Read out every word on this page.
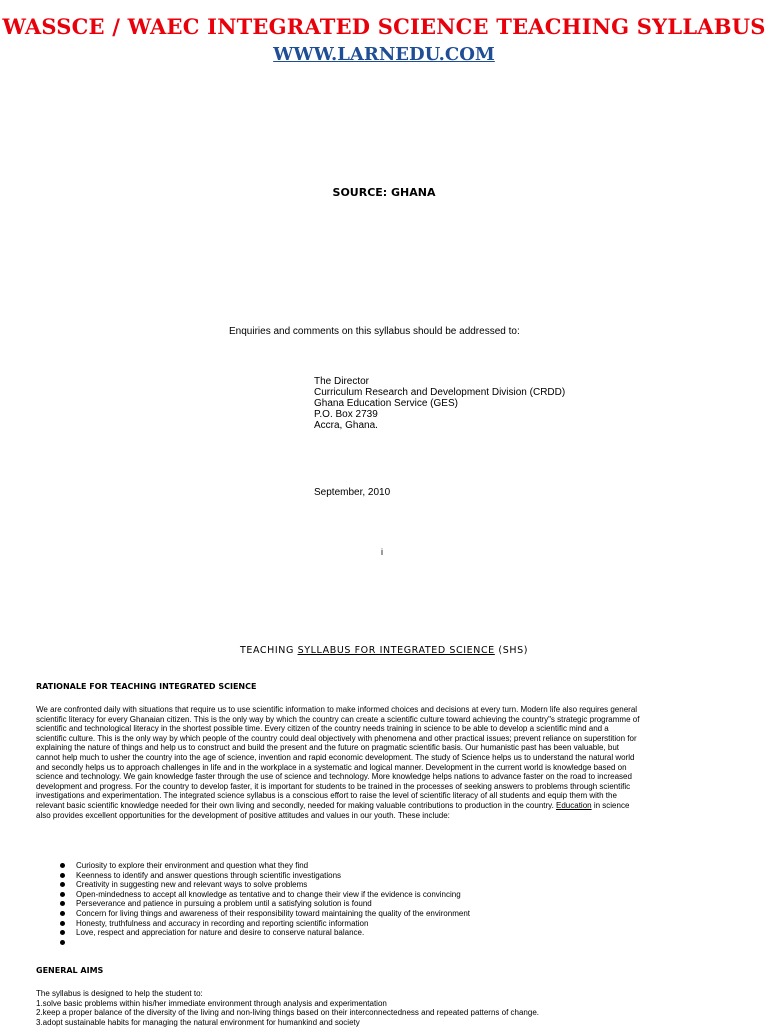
WASSCE / WAEC INTEGRATED SCIENCE TEACHING SYLLABUS
WWW.LARNEDU.COM
SOURCE: GHANA
Enquiries and comments on this syllabus should be addressed to:
The Director
Curriculum Research and Development Division (CRDD)
Ghana Education Service (GES)
P.O. Box 2739
Accra, Ghana.
September, 2010
i
TEACHING SYLLABUS FOR INTEGRATED SCIENCE (SHS)
RATIONALE FOR TEACHING INTEGRATED SCIENCE

We are confronted daily with situations that require us to use scientific information to make informed choices and decisions at every turn. Modern life also requires general scientific literacy for every Ghanaian citizen. This is the only way by which the country can create a scientific culture toward achieving the country"s strategic programme of scientific and technological literacy in the shortest possible time. Every citizen of the country needs training in science to be able to develop a scientific mind and a scientific culture. This is the only way by which people of the country could deal objectively with phenomena and other practical issues; prevent reliance on superstition for explaining the nature of things and help us to construct and build the present and the future on pragmatic scientific basis. Our humanistic past has been valuable, but cannot help much to usher the country into the age of science, invention and rapid economic development. The study of Science helps us to understand the natural world and secondly helps us to approach challenges in life and in the workplace in a systematic and logical manner. Development in the current world is knowledge based on science and technology. We gain knowledge faster through the use of science and technology. More knowledge helps nations to advance faster on the road to increased development and progress. For the country to develop faster, it is important for students to be trained in the processes of seeking answers to problems through scientific investigations and experimentation. The integrated science syllabus is a conscious effort to raise the level of scientific literacy of all students and equip them with the relevant basic scientific knowledge needed for their own living and secondly, needed for making valuable contributions to production in the country. Education in science also provides excellent opportunities for the development of positive attitudes and values in our youth. These include:

Curiosity to explore their environment and question what they find
Keenness to identify and answer questions through scientific investigations
Creativity in suggesting new and relevant ways to solve problems
Open-mindedness to accept all knowledge as tentative and to change their view if the evidence is convincing
Perseverance and patience in pursuing a problem until a satisfying solution is found
Concern for living things and awareness of their responsibility toward maintaining the quality of the environment
Honesty, truthfulness and accuracy in recording and reporting scientific information
Love, respect and appreciation for nature and desire to conserve natural balance.
GENERAL AIMS
The syllabus is designed to help the student to:
1.solve basic problems within his/her immediate environment through analysis and experimentation
2.keep a proper balance of the diversity of the living and non-living things based on their interconnectedness and repeated patterns of change.
3.adopt sustainable habits for managing the natural environment for humankind and society
